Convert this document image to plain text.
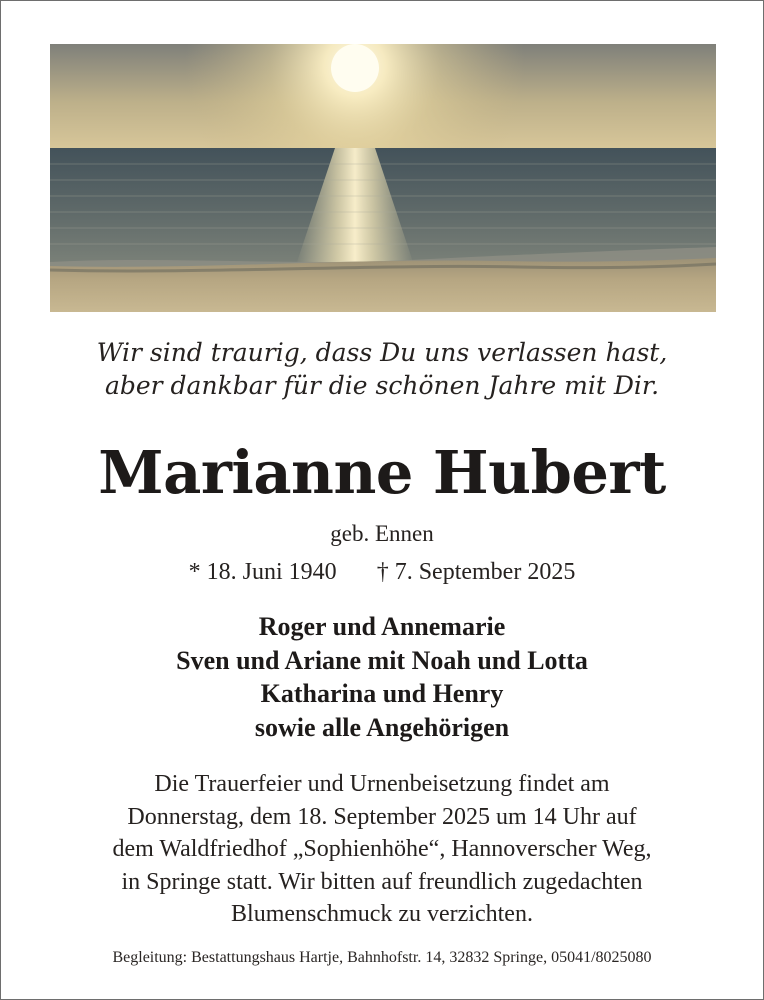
Wir sind traurig, dass Du uns verlassen hast,
aber dankbar für die schönen Jahre mit Dir.
Marianne Hubert
geb. Ennen
* 18. Juni 1940 † 7. September 2025
Roger und Annemarie
Sven und Ariane mit Noah und Lotta
Katharina und Henry
sowie alle Angehörigen
Die Trauerfeier und Urnenbeisetzung findet am
Donnerstag, dem 18. September 2025 um 14 Uhr auf
dem Waldfriedhof „Sophienhöhe“, Hannoverscher Weg,
in Springe statt. Wir bitten auf freundlich zugedachten
Blumenschmuck zu verzichten.
Begleitung: Bestattungshaus Hartje, Bahnhofstr. 14, 32832 Springe, 05041/8025080
